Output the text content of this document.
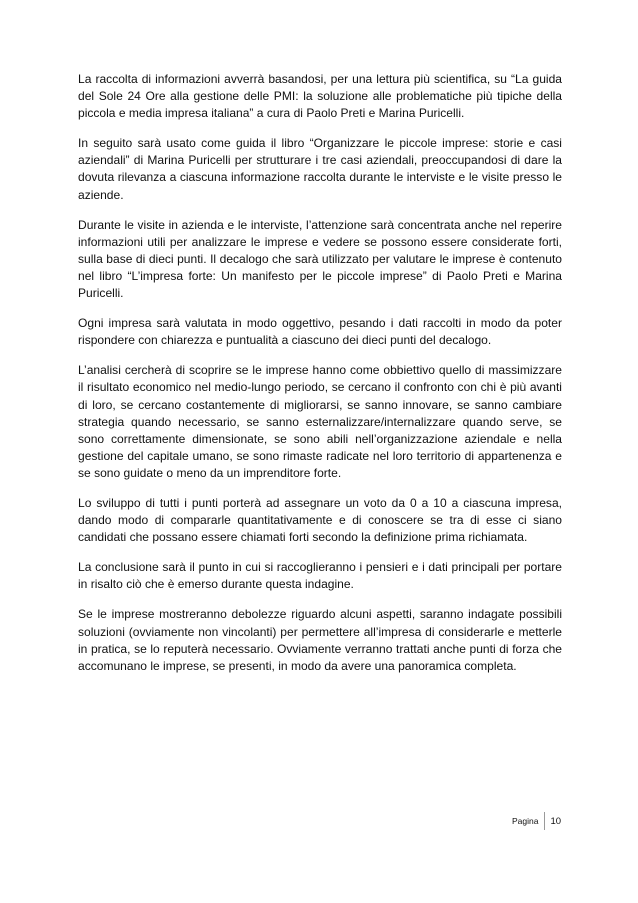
La raccolta di informazioni avverrà basandosi, per una lettura più scientifica, su “La guida del Sole 24 Ore alla gestione delle PMI: la soluzione alle problematiche più tipiche della piccola e media impresa italiana” a cura di Paolo Preti e Marina Puricelli.

In seguito sarà usato come guida il libro “Organizzare le piccole imprese: storie e casi aziendali” di Marina Puricelli per strutturare i tre casi aziendali, preoccupandosi di dare la dovuta rilevanza a ciascuna informazione raccolta durante le interviste e le visite presso le aziende.

Durante le visite in azienda e le interviste, l’attenzione sarà concentrata anche nel reperire informazioni utili per analizzare le imprese e vedere se possono essere considerate forti, sulla base di dieci punti. Il decalogo che sarà utilizzato per valutare le imprese è contenuto nel libro “L’impresa forte: Un manifesto per le piccole imprese” di Paolo Preti e Marina Puricelli.

Ogni impresa sarà valutata in modo oggettivo, pesando i dati raccolti in modo da poter rispondere con chiarezza e puntualità a ciascuno dei dieci punti del decalogo.

L’analisi cercherà di scoprire se le imprese hanno come obbiettivo quello di massimizzare il risultato economico nel medio-lungo periodo, se cercano il confronto con chi è più avanti di loro, se cercano costantemente di migliorarsi, se sanno innovare, se sanno cambiare strategia quando necessario, se sanno esternalizzare/internalizzare quando serve, se sono correttamente dimensionate, se sono abili nell’organizzazione aziendale e nella gestione del capitale umano, se sono rimaste radicate nel loro territorio di appartenenza e se sono guidate o meno da un imprenditore forte.

Lo sviluppo di tutti i punti porterà ad assegnare un voto da 0 a 10 a ciascuna impresa, dando modo di compararle quantitativamente e di conoscere se tra di esse ci siano candidati che possano essere chiamati forti secondo la definizione prima richiamata.

La conclusione sarà il punto in cui si raccoglieranno i pensieri e i dati principali per portare in risalto ciò che è emerso durante questa indagine.

Se le imprese mostreranno debolezze riguardo alcuni aspetti, saranno indagate possibili soluzioni (ovviamente non vincolanti) per permettere all’impresa di considerarle e metterle in pratica, se lo reputerà necessario. Ovviamente verranno trattati anche punti di forza che accomunano le imprese, se presenti, in modo da avere una panoramica completa.

Pagina	10
